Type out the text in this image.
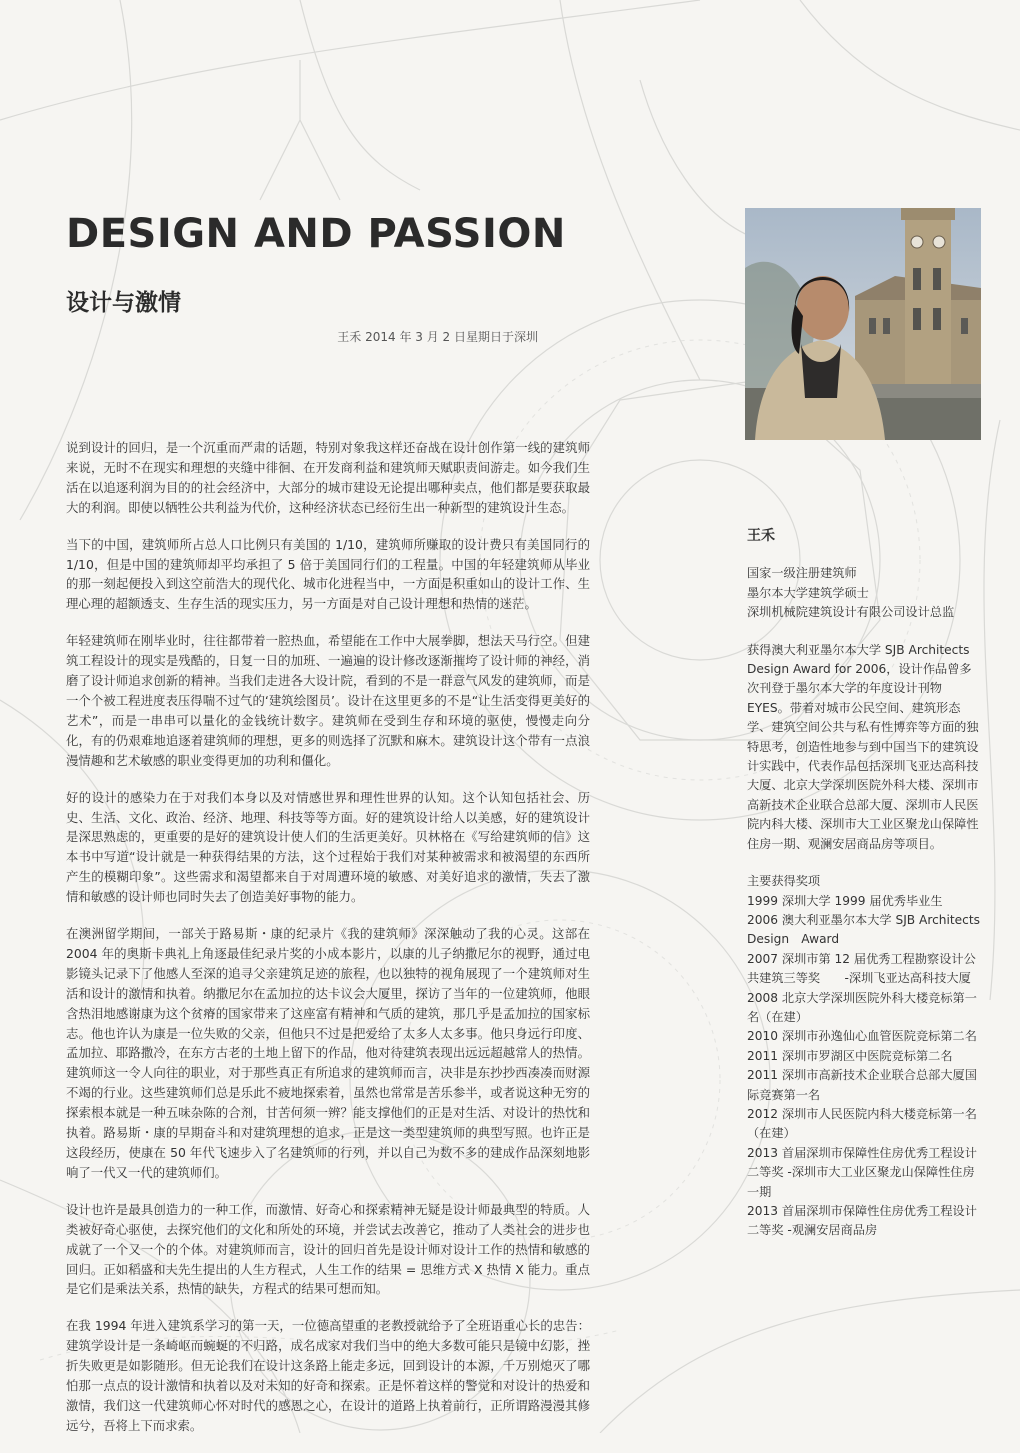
DESIGN AND PASSION
设计与激情
王禾 2014 年 3 月 2 日星期日于深圳

说到设计的回归，是一个沉重而严肃的话题，特别对象我这样还奋战在设计创作第一线的建筑师来说，无时不在现实和理想的夹缝中徘徊、在开发商利益和建筑师天赋职责间游走。如今我们生活在以追逐利润为目的的社会经济中，大部分的城市建设无论提出哪种卖点，他们都是要获取最大的利润。即使以牺牲公共利益为代价，这种经济状态已经衍生出一种新型的建筑设计生态。

当下的中国，建筑师所占总人口比例只有美国的 1/10，建筑师所赚取的设计费只有美国同行的 1/10，但是中国的建筑师却平均承担了 5 倍于美国同行们的工程量。中国的年轻建筑师从毕业的那一刻起便投入到这空前浩大的现代化、城市化进程当中，一方面是积重如山的设计工作、生理心理的超额透支、生存生活的现实压力，另一方面是对自己设计理想和热情的迷茫。

年轻建筑师在刚毕业时，往往都带着一腔热血，希望能在工作中大展拳脚，想法天马行空。但建筑工程设计的现实是残酷的，日复一日的加班、一遍遍的设计修改逐渐摧垮了设计师的神经，消磨了设计师追求创新的精神。当我们走进各大设计院，看到的不是一群意气风发的建筑师，而是一个个被工程进度表压得喘不过气的‘建筑绘图员’。设计在这里更多的不是“让生活变得更美好的艺术”，而是一串串可以量化的金钱统计数字。建筑师在受到生存和环境的驱使，慢慢走向分化，有的仍艰难地追逐着建筑师的理想，更多的则选择了沉默和麻木。建筑设计这个带有一点浪漫情趣和艺术敏感的职业变得更加的功利和僵化。

好的设计的感染力在于对我们本身以及对情感世界和理性世界的认知。这个认知包括社会、历史、生活、文化、政治、经济、地理、科技等等方面。好的建筑设计给人以美感，好的建筑设计是深思熟虑的，更重要的是好的建筑设计使人们的生活更美好。贝林格在《写给建筑师的信》这本书中写道“设计就是一种获得结果的方法，这个过程始于我们对某种被需求和被渴望的东西所产生的模糊印象”。这些需求和渴望都来自于对周遭环境的敏感、对美好追求的激情，失去了激情和敏感的设计师也同时失去了创造美好事物的能力。

在澳洲留学期间，一部关于路易斯・康的纪录片《我的建筑师》深深触动了我的心灵。这部在 2004 年的奥斯卡典礼上角逐最佳纪录片奖的小成本影片，以康的儿子纳撒尼尔的视野，通过电影镜头记录下了他感人至深的追寻父亲建筑足迹的旅程，也以独特的视角展现了一个建筑师对生活和设计的激情和执着。纳撒尼尔在孟加拉的达卡议会大厦里，探访了当年的一位建筑师，他眼含热泪地感谢康为这个贫瘠的国家带来了这座富有精神和气质的建筑，那几乎是孟加拉的国家标志。他也许认为康是一位失败的父亲，但他只不过是把爱给了太多人太多事。他只身远行印度、孟加拉、耶路撒冷，在东方古老的土地上留下的作品，他对待建筑表现出远远超越常人的热情。建筑师这一令人向往的职业，对于那些真正有所追求的建筑师而言，决非是东抄抄西凑凑而财源不竭的行业。这些建筑师们总是乐此不疲地探索着，虽然也常常是苦乐参半，或者说这种无穷的探索根本就是一种五味杂陈的合剂，甘苦何须一辨？能支撑他们的正是对生活、对设计的热忱和执着。路易斯・康的早期奋斗和对建筑理想的追求，正是这一类型建筑师的典型写照。也许正是这段经历，使康在 50 年代飞速步入了名建筑师的行列，并以自己为数不多的建成作品深刻地影响了一代又一代的建筑师们。

设计也许是最具创造力的一种工作，而激情、好奇心和探索精神无疑是设计师最典型的特质。人类被好奇心驱使，去探究他们的文化和所处的环境，并尝试去改善它，推动了人类社会的进步也成就了一个又一个的个体。对建筑师而言，设计的回归首先是设计师对设计工作的热情和敏感的回归。正如稻盛和夫先生提出的人生方程式，人生工作的结果 = 思维方式 X 热情 X 能力。重点是它们是乘法关系，热情的缺失，方程式的结果可想而知。

在我 1994 年进入建筑系学习的第一天，一位德高望重的老教授就给予了全班语重心长的忠告：建筑学设计是一条崎岖而蜿蜒的不归路，成名成家对我们当中的绝大多数可能只是镜中幻影，挫折失败更是如影随形。但无论我们在设计这条路上能走多远，回到设计的本源，千万别熄灭了哪怕那一点点的设计激情和执着以及对未知的好奇和探索。正是怀着这样的警觉和对设计的热爱和激情，我们这一代建筑师心怀对时代的感恩之心，在设计的道路上执着前行，正所谓路漫漫其修远兮，吾将上下而求索。

王禾

国家一级注册建筑师

墨尔本大学建筑学硕士

深圳机械院建筑设计有限公司设计总监

获得澳大利亚墨尔本大学 SJB Architects Design Award for 2006，设计作品曾多次刊登于墨尔本大学的年度设计刊物 EYES。带着对城市公民空间、建筑形态学、建筑空间公共与私有性博弈等方面的独特思考，创造性地参与到中国当下的建筑设计实践中，代表作品包括深圳飞亚达高科技大厦、北京大学深圳医院外科大楼、深圳市高新技术企业联合总部大厦、深圳市人民医院内科大楼、深圳市大工业区聚龙山保障性住房一期、观澜安居商品房等项目。

主要获得奖项

1999 深圳大学 1999 届优秀毕业生

2006 澳大利亚墨尔本大学 SJB Architects Design　Award

2007 深圳市第 12 届优秀工程勘察设计公共建筑三等奖　　-深圳飞亚达高科技大厦

2008 北京大学深圳医院外科大楼竞标第一名（在建）

2010 深圳市孙逸仙心血管医院竞标第二名

2011 深圳市罗湖区中医院竞标第二名

2011 深圳市高新技术企业联合总部大厦国际竞赛第一名

2012 深圳市人民医院内科大楼竞标第一名（在建）

2013 首届深圳市保障性住房优秀工程设计二等奖 -深圳市大工业区聚龙山保障性住房一期

2013 首届深圳市保障性住房优秀工程设计二等奖 -观澜安居商品房
